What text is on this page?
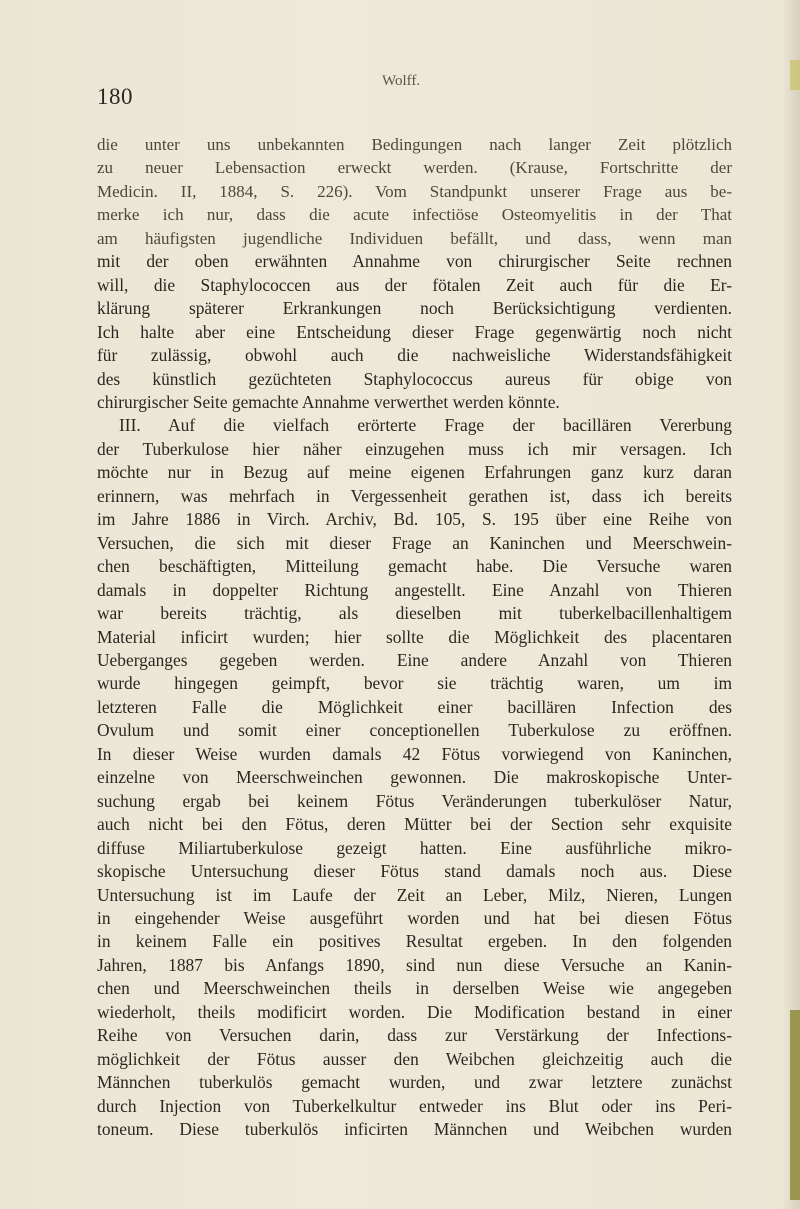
180
Wolff.
die unter uns unbekannten Bedingungen nach langer Zeit plötzlich
zu neuer Lebensaction erweckt werden. (Krause, Fortschritte der
Medicin. II, 1884, S. 226). Vom Standpunkt unserer Frage aus be-
merke ich nur, dass die acute infectiöse Osteomyelitis in der That
am häufigsten jugendliche Individuen befällt, und dass, wenn man
mit der oben erwähnten Annahme von chirurgischer Seite rechnen
will, die Staphylococcen aus der fötalen Zeit auch für die Er-
klärung späterer Erkrankungen noch Berücksichtigung verdienten.
Ich halte aber eine Entscheidung dieser Frage gegenwärtig noch nicht
für zulässig, obwohl auch die nachweisliche Widerstandsfähigkeit
des künstlich gezüchteten Staphylococcus aureus für obige von
chirurgischer Seite gemachte Annahme verwerthet werden könnte.
III. Auf die vielfach erörterte Frage der bacillären Vererbung
der Tuberkulose hier näher einzugehen muss ich mir versagen. Ich
möchte nur in Bezug auf meine eigenen Erfahrungen ganz kurz daran
erinnern, was mehrfach in Vergessenheit gerathen ist, dass ich bereits
im Jahre 1886 in Virch. Archiv, Bd. 105, S. 195 über eine Reihe von
Versuchen, die sich mit dieser Frage an Kaninchen und Meerschwein-
chen beschäftigten, Mitteilung gemacht habe. Die Versuche waren
damals in doppelter Richtung angestellt. Eine Anzahl von Thieren
war bereits trächtig, als dieselben mit tuberkelbacillenhaltigem
Material inficirt wurden; hier sollte die Möglichkeit des placentaren
Ueberganges gegeben werden. Eine andere Anzahl von Thieren
wurde hingegen geimpft, bevor sie trächtig waren, um im
letzteren Falle die Möglichkeit einer bacillären Infection des
Ovulum und somit einer conceptionellen Tuberkulose zu eröffnen.
In dieser Weise wurden damals 42 Fötus vorwiegend von Kaninchen,
einzelne von Meerschweinchen gewonnen. Die makroskopische Unter-
suchung ergab bei keinem Fötus Veränderungen tuberkulöser Natur,
auch nicht bei den Fötus, deren Mütter bei der Section sehr exquisite
diffuse Miliartuberkulose gezeigt hatten. Eine ausführliche mikro-
skopische Untersuchung dieser Fötus stand damals noch aus. Diese
Untersuchung ist im Laufe der Zeit an Leber, Milz, Nieren, Lungen
in eingehender Weise ausgeführt worden und hat bei diesen Fötus
in keinem Falle ein positives Resultat ergeben. In den folgenden
Jahren, 1887 bis Anfangs 1890, sind nun diese Versuche an Kanin-
chen und Meerschweinchen theils in derselben Weise wie angegeben
wiederholt, theils modificirt worden. Die Modification bestand in einer
Reihe von Versuchen darin, dass zur Verstärkung der Infections-
möglichkeit der Fötus ausser den Weibchen gleichzeitig auch die
Männchen tuberkulös gemacht wurden, und zwar letztere zunächst
durch Injection von Tuberkelkultur entweder ins Blut oder ins Peri-
toneum. Diese tuberkulös inficirten Männchen und Weibchen wurden
